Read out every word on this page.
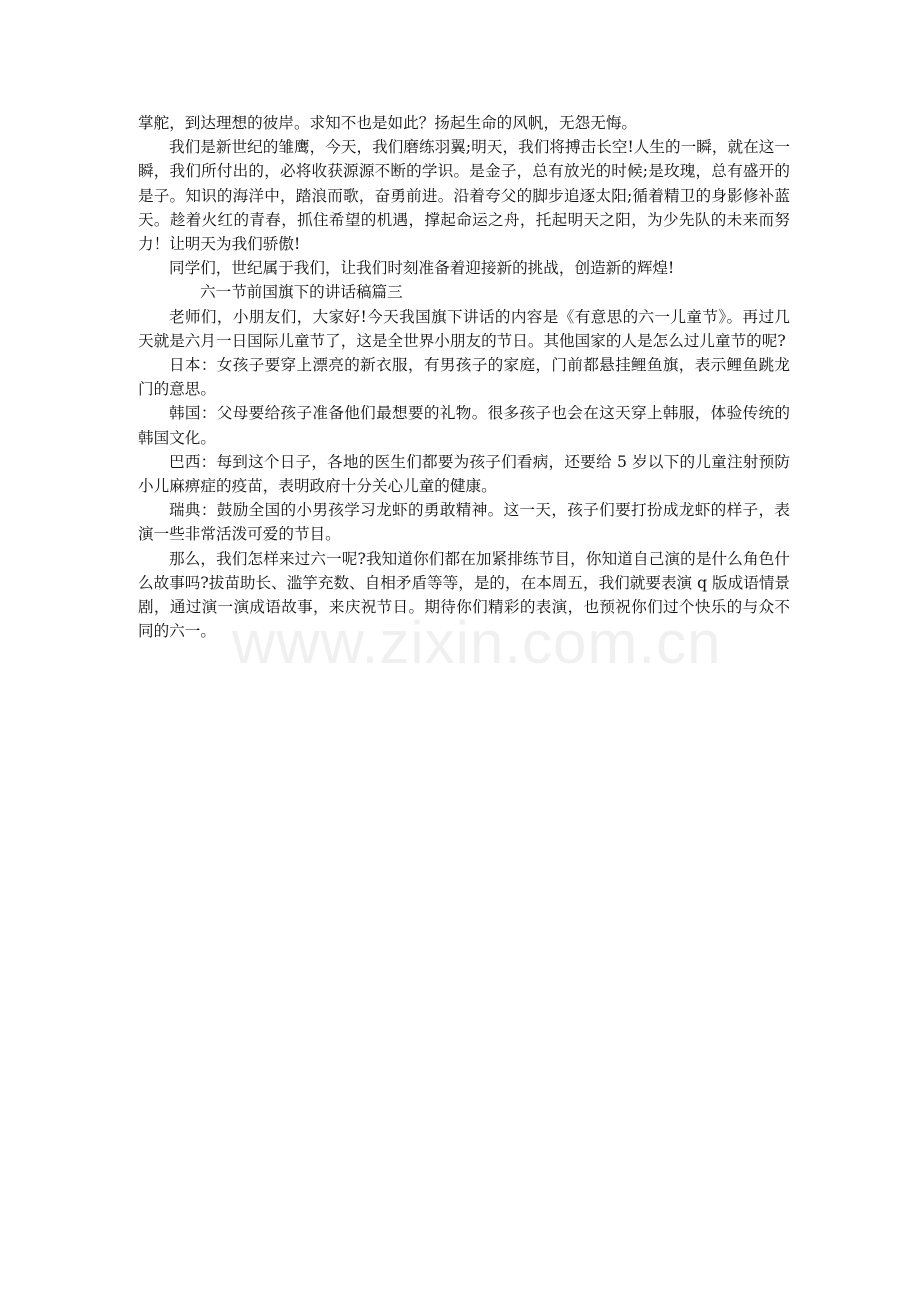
www.zixin.com.cn

掌舵，到达理想的彼岸。求知不也是如此？扬起生命的风帆，无怨无悔。

我们是新世纪的雏鹰，今天，我们磨练羽翼;明天，我们将搏击长空!人生的一瞬，就在这一瞬，我们所付出的，必将收获源源不断的学识。是金子，总有放光的时候;是玫瑰，总有盛开的是子。知识的海洋中，踏浪而歌，奋勇前进。沿着夸父的脚步追逐太阳;循着精卫的身影修补蓝天。趁着火红的青春，抓住希望的机遇，撑起命运之舟，托起明天之阳，为少先队的未来而努力！让明天为我们骄傲!

同学们，世纪属于我们，让我们时刻准备着迎接新的挑战，创造新的辉煌!

六一节前国旗下的讲话稿篇三

老师们，小朋友们，大家好!今天我国旗下讲话的内容是《有意思的六一儿童节》。再过几天就是六月一日国际儿童节了，这是全世界小朋友的节日。其他国家的人是怎么过儿童节的呢?

日本：女孩子要穿上漂亮的新衣服，有男孩子的家庭，门前都悬挂鲤鱼旗，表示鲤鱼跳龙门的意思。

韩国：父母要给孩子准备他们最想要的礼物。很多孩子也会在这天穿上韩服，体验传统的韩国文化。

巴西：每到这个日子，各地的医生们都要为孩子们看病，还要给 5 岁以下的儿童注射预防小儿麻痹症的疫苗，表明政府十分关心儿童的健康。

瑞典：鼓励全国的小男孩学习龙虾的勇敢精神。这一天，孩子们要打扮成龙虾的样子，表演一些非常活泼可爱的节目。

那么，我们怎样来过六一呢?我知道你们都在加紧排练节目，你知道自己演的是什么角色什么故事吗?拔苗助长、滥竽充数、自相矛盾等等，是的，在本周五，我们就要表演 q 版成语情景剧，通过演一演成语故事，来庆祝节日。期待你们精彩的表演，也预祝你们过个快乐的与众不同的六一。
